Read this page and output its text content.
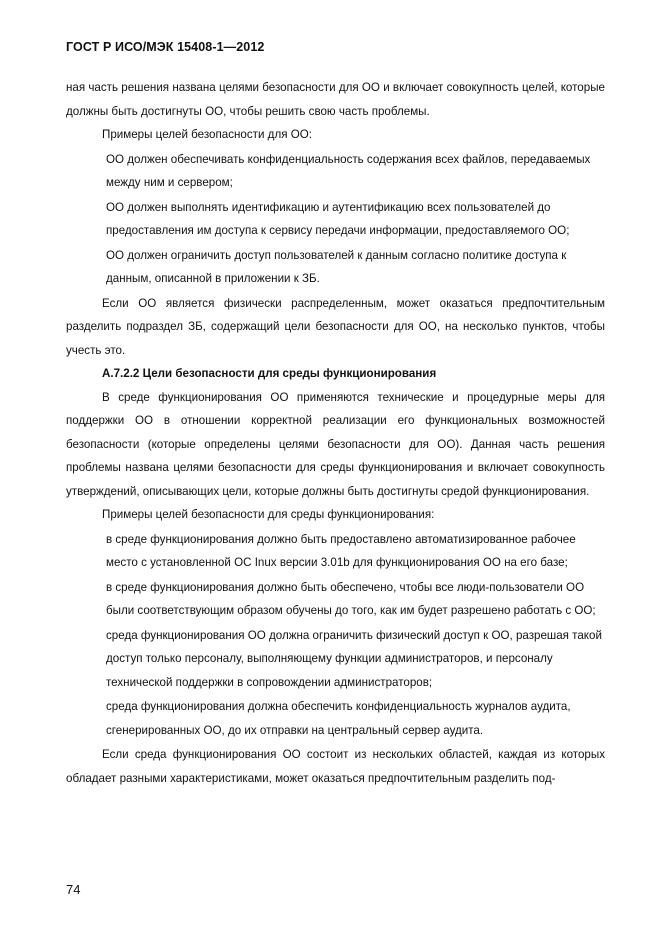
ГОСТ Р ИСО/МЭК 15408-1—2012

ная часть решения названа целями безопасности для ОО и включает совокупность целей, которые должны быть достигнуты ОО, чтобы решить свою часть проблемы.

Примеры целей безопасности для ОО:

ОО должен обеспечивать конфиденциальность содержания всех файлов, передаваемых между ним и сервером;

ОО должен выполнять идентификацию и аутентификацию всех пользователей до предоставления им доступа к сервису передачи информации, предоставляемого ОО;

ОО должен ограничить доступ пользователей к данным согласно политике доступа к данным, описанной в приложении к ЗБ.

Если ОО является физически распределенным, может оказаться предпочтительным разделить подраздел ЗБ, содержащий цели безопасности для ОО, на несколько пунктов, чтобы учесть это.

А.7.2.2 Цели безопасности для среды функционирования

В среде функционирования ОО применяются технические и процедурные меры для поддержки ОО в отношении корректной реализации его функциональных возможностей безопасности (которые определены целями безопасности для ОО). Данная часть решения проблемы названа целями безопасности для среды функционирования и включает совокупность утверждений, описывающих цели, которые должны быть достигнуты средой функционирования.

Примеры целей безопасности для среды функционирования:

в среде функционирования должно быть предоставлено автоматизированное рабочее место с установленной ОС Inux версии 3.01b для функционирования ОО на его базе;

в среде функционирования должно быть обеспечено, чтобы все люди-пользователи ОО были соответствующим образом обучены до того, как им будет разрешено работать с ОО;

среда функционирования ОО должна ограничить физический доступ к ОО, разрешая такой доступ только персоналу, выполняющему функции администраторов, и персоналу технической поддержки в сопровождении администраторов;

среда функционирования должна обеспечить конфиденциальность журналов аудита, сгенерированных ОО, до их отправки на центральный сервер аудита.

Если среда функционирования ОО состоит из нескольких областей, каждая из которых обладает разными характеристиками, может оказаться предпочтительным разделить под-

74
